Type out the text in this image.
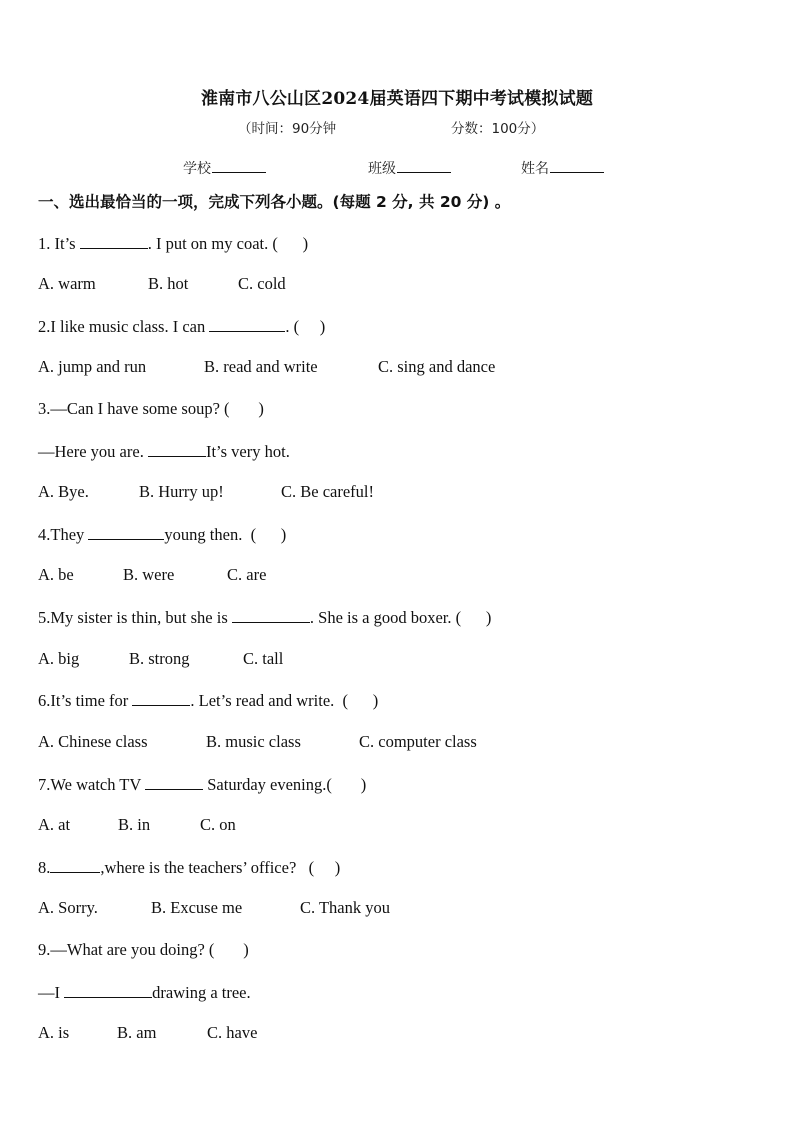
淮南市八公山区2024届英语四下期中考试模拟试题
（时间：90分钟	分数：100分）
学校	班级	姓名
一、选出最恰当的一项，完成下列各小题。(每题 2 分, 共 20 分) 。
1. It’s	. I put on my coat. (      )
A. warm	B. hot	C. cold
2.I like music class. I can	. (     )
A. jump and run	B. read and write	C. sing and dance
3.—Can I have some soup? (       )
—Here you are.	It’s very hot.
A. Bye.	B. Hurry up!	C. Be careful!
4.They	young then.  (      )
A. be	B. were	C. are
5.My sister is thin, but she is	. She is a good boxer. (      )
A. big	B. strong	C. tall
6.It’s time for	. Let’s read and write.  (      )
A. Chinese class	B. music class	C. computer class
7.We watch TV	Saturday evening.(       )
A. at	B. in	C. on
8.	,where is the teachers’ office?   (     )
A. Sorry.	B. Excuse me	C. Thank you
9.—What are you doing? (       )
—I	drawing a tree.
A. is	B. am	C. have
